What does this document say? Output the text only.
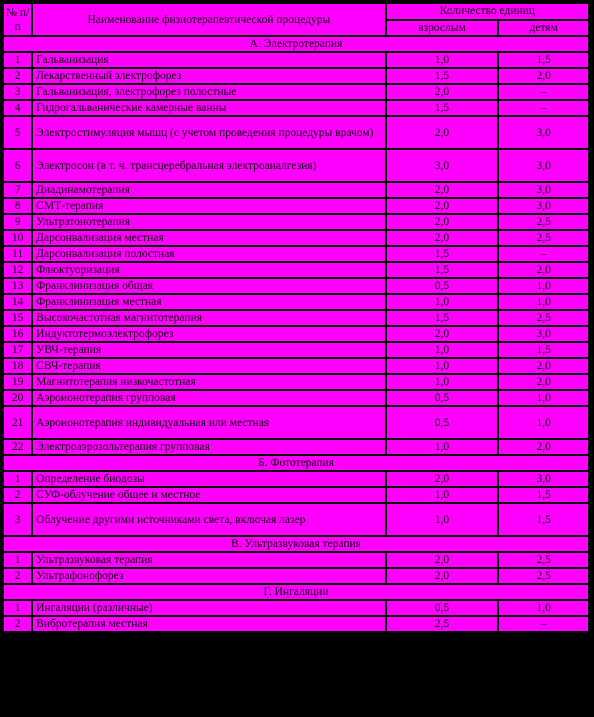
№ п/п	Наименование физиотерапевтической процедуры	Количество единиц	
		взрослым	детям
А. Электротерапия			
1	Гальванизация	1,0	1,5
2	Лекарственный электрофорез	1,5	2,0
3	Гальванизация, электрофорез полостные	2,0	–
4	Гидрогальванические камерные ванны	1,5	–
5	Электростимуляция мышц (с учетом проведения процедуры врачом)	2,0	3,0
6	Электросон (в т. ч. трансцеребральная электроаналгезия)	3,0	3,0
7	Диадинамотерапия	2,0	3,0
8	СМТ-терапия	2,0	3,0
9	Ультратонотерапия	2,0	2,5
10	Дарсонвализация местная	2,0	2,5
11	Дарсонвализация полостная	1,5	–
12	Флюктуоризация	1,5	2,0
13	Франклинизация общая	0,5	1,0
14	Франклинизация местная	1,0	1,0
15	Высокочастотная магнитотерапия	1,5	2,5
16	Индуктотермоэлектрофорез	2,0	3,0
17	УВЧ-терапия	1,0	1,5
18	СВЧ-терапия	1,0	2,0
19	Магнитотерапия низкочастотная	1,0	2,0
20	Аэроионотерапия групповая	0,5	1,0
21	Аэроионотерапия индивидуальная или местная	0,5	1,0
22	Электроаэрозольтерапия групповая	1,0	2,0
Б. Фототерапия			
1	Определение биодозы	2,0	3,0
2	СУФ-облучение общее и местное	1,0	1,5
3	Облучение другими источниками света, включая лазер	1,0	1,5
В. Ультразвуковая терапия			
1	Ультразвуковая терапия	2,0	2,5
2	Ультрафонофорез	2,0	2,5
Г. Ингаляции			
1	Ингаляции (различные)	0,5	1,0
2	Вибротерапия местная	2,5	–
